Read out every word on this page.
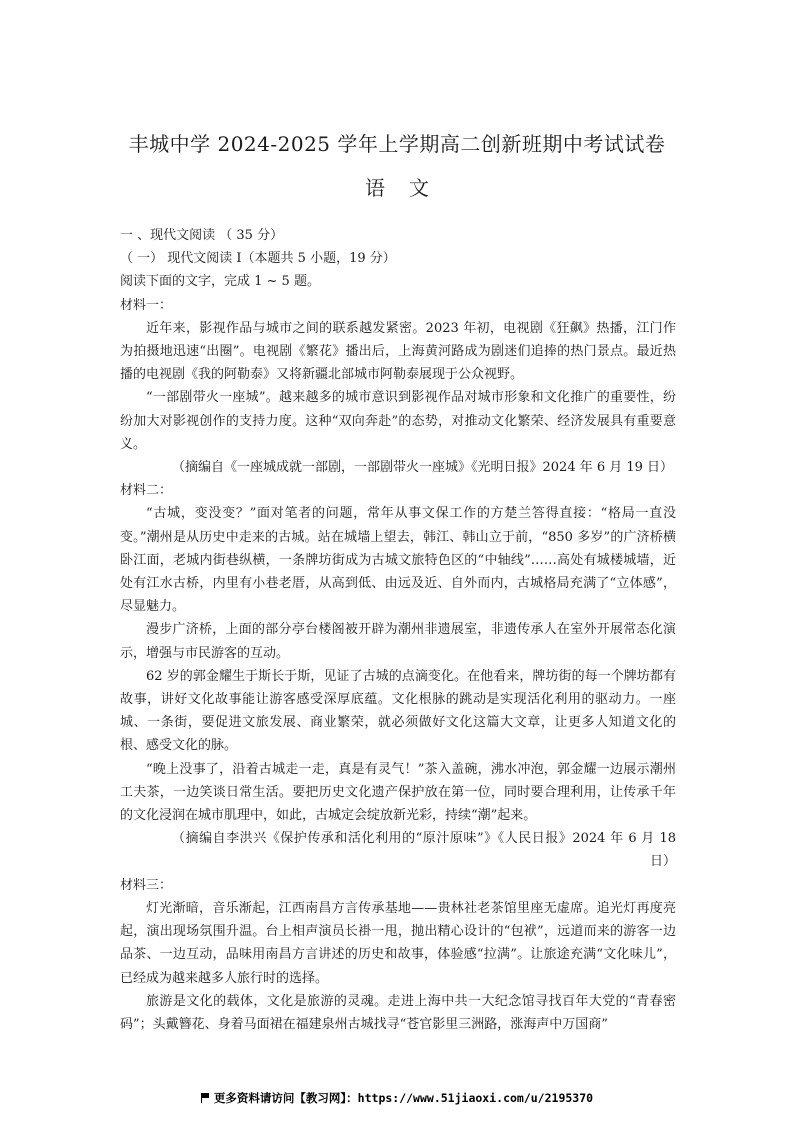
丰城中学 2024-2025 学年上学期高二创新班期中考试试卷
语文

一 、现代文阅读 （ 35 分）

（ 一） 现代文阅读 Ⅰ（本题共 5 小题，19 分）

阅读下面的文字，完成 1 ~ 5 题。

材料一：

近年来，影视作品与城市之间的联系越发紧密。2023 年初，电视剧《狂飙》热播，江门作为拍摄地迅速“出圈”。电视剧《繁花》播出后，上海黄河路成为剧迷们追捧的热门景点。最近热播的电视剧《我的阿勒泰》又将新疆北部城市阿勒泰展现于公众视野。

“一部剧带火一座城”。越来越多的城市意识到影视作品对城市形象和文化推广的重要性，纷纷加大对影视创作的支持力度。这种“双向奔赴”的态势，对推动文化繁荣、经济发展具有重要意义。

（摘编自《一座城成就一部剧，一部剧带火一座城》《光明日报》2024 年 6 月 19 日）

材料二：

“古城，变没变？”面对笔者的问题，常年从事文保工作的方楚兰答得直接：“格局一直没变。”潮州是从历史中走来的古城。站在城墙上望去，韩江、韩山立于前，“850 多岁”的广济桥横卧江面，老城内街巷纵横，一条牌坊街成为古城文旅特色区的“中轴线”……高处有城楼城墙，近处有江水古桥，内里有小巷老厝，从高到低、由远及近、自外而内，古城格局充满了“立体感”，尽显魅力。

漫步广济桥，上面的部分亭台楼阁被开辟为潮州非遗展室，非遗传承人在室外开展常态化演示，增强与市民游客的互动。

62 岁的郭金耀生于斯长于斯，见证了古城的点滴变化。在他看来，牌坊街的每一个牌坊都有故事，讲好文化故事能让游客感受深厚底蕴。文化根脉的跳动是实现活化利用的驱动力。一座城、一条街，要促进文旅发展、商业繁荣，就必须做好文化这篇大文章，让更多人知道文化的根、感受文化的脉。

“晚上没事了，沿着古城走一走，真是有灵气！”茶入盖碗，沸水冲泡，郭金耀一边展示潮州工夫茶，一边笑谈日常生活。要把历史文化遗产保护放在第一位，同时要合理利用，让传承千年的文化浸润在城市肌理中，如此，古城定会绽放新光彩，持续“潮”起来。

（摘编自李洪兴《保护传承和活化利用的“原汁原味”》《人民日报》2024 年 6 月 18 日）

材料三：

灯光渐暗，音乐渐起，江西南昌方言传承基地——贵林社老茶馆里座无虚席。追光灯再度亮起，演出现场氛围升温。台上相声演员长褂一甩，抛出精心设计的“包袱”，远道而来的游客一边品茶、一边互动，品味用南昌方言讲述的历史和故事，体验感“拉满”。让旅途充满“文化味儿”，已经成为越来越多人旅行时的选择。

旅游是文化的载体，文化是旅游的灵魂。走进上海中共一大纪念馆寻找百年大党的“青春密码”；头戴簪花、身着马面裙在福建泉州古城找寻“苍官影里三洲路，涨海声中万国商”

更多资料请访问【教习网】：https://www.51jiaoxi.com/u/2195370
